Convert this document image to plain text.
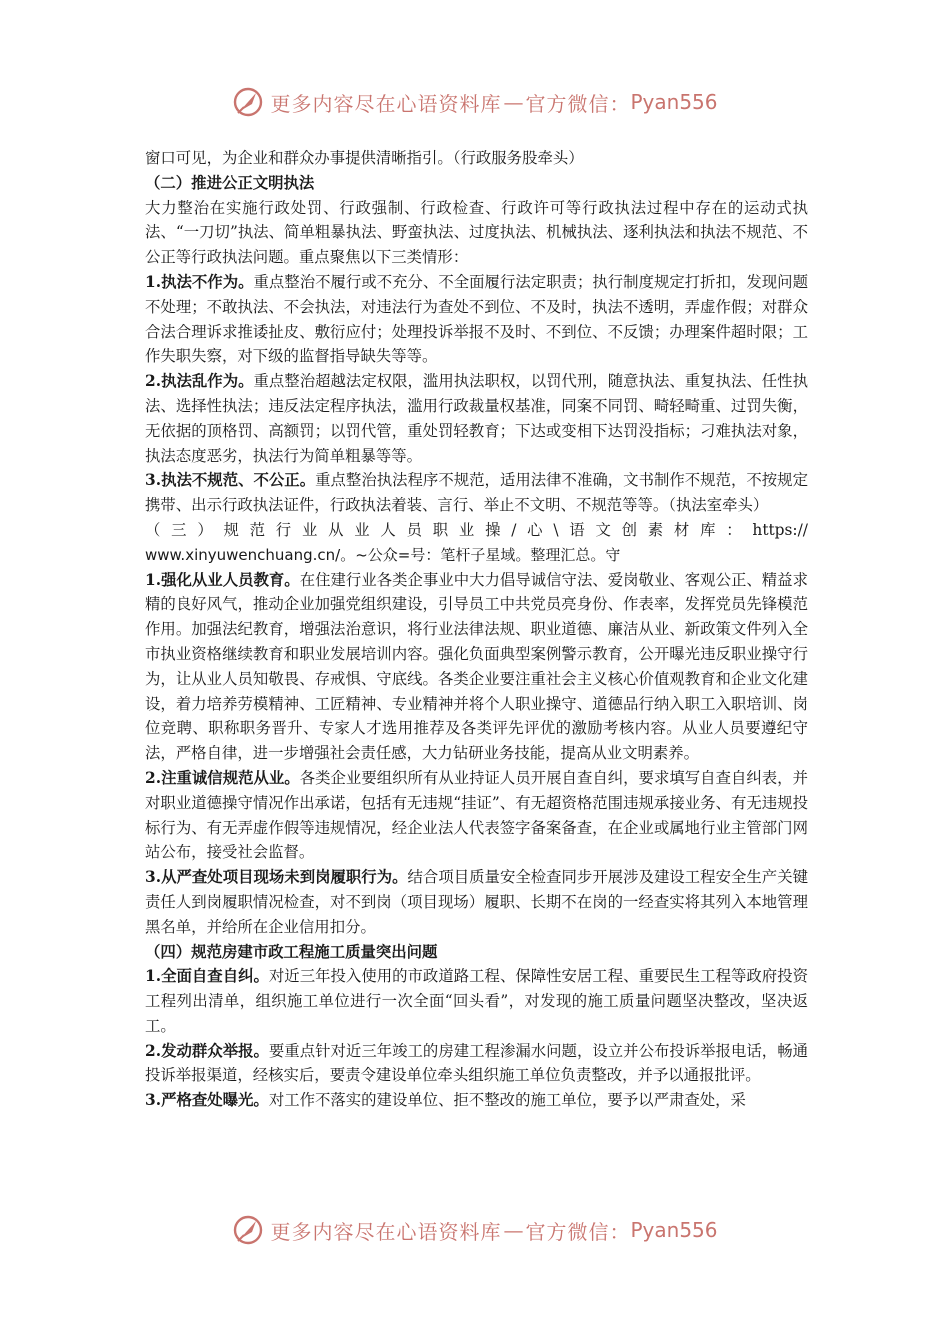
更多内容尽在心语资料库 — 官方微信： Pyan556

窗口可见，为企业和群众办事提供清晰指引。（行政服务股牵头）

（二）推进公正文明执法

大力整治在实施行政处罚、行政强制、行政检查、行政许可等行政执法过程中存在的运动式执法、“一刀切”执法、简单粗暴执法、野蛮执法、过度执法、机械执法、逐利执法和执法不规范、不公正等行政执法问题。重点聚焦以下三类情形：

1.执法不作为。重点整治不履行或不充分、不全面履行法定职责；执行制度规定打折扣，发现问题不处理；不敢执法、不会执法，对违法行为查处不到位、不及时，执法不透明，弄虚作假；对群众合法合理诉求推诿扯皮、敷衍应付；处理投诉举报不及时、不到位、不反馈；办理案件超时限；工作失职失察，对下级的监督指导缺失等等。

2.执法乱作为。重点整治超越法定权限，滥用执法职权，以罚代刑，随意执法、重复执法、任性执法、选择性执法；违反法定程序执法，滥用行政裁量权基准，同案不同罚、畸轻畸重、过罚失衡，无依据的顶格罚、高额罚；以罚代管，重处罚轻教育；下达或变相下达罚没指标；刁难执法对象，执法态度恶劣，执法行为简单粗暴等等。

3.执法不规范、不公正。重点整治执法程序不规范，适用法律不准确，文书制作不规范，不按规定携带、出示行政执法证件，行政执法着装、言行、举止不文明、不规范等等。（执法室牵头）

（三）规范行业从业人员职业操/心\语文创素材库：https://

www.xinyuwenchuang.cn/。~公众=号：笔杆子星域。整理汇总。守

1.强化从业人员教育。在住建行业各类企事业中大力倡导诚信守法、爱岗敬业、客观公正、精益求精的良好风气，推动企业加强党组织建设，引导员工中共党员亮身份、作表率，发挥党员先锋模范作用。加强法纪教育，增强法治意识，将行业法律法规、职业道德、廉洁从业、新政策文件列入全市执业资格继续教育和职业发展培训内容。强化负面典型案例警示教育，公开曝光违反职业操守行为，让从业人员知敬畏、存戒惧、守底线。各类企业要注重社会主义核心价值观教育和企业文化建设，着力培养劳模精神、工匠精神、专业精神并将个人职业操守、道德品行纳入职工入职培训、岗位竞聘、职称职务晋升、专家人才选用推荐及各类评先评优的激励考核内容。从业人员要遵纪守法，严格自律，进一步增强社会责任感，大力钻研业务技能，提高从业文明素养。

2.注重诚信规范从业。各类企业要组织所有从业持证人员开展自查自纠，要求填写自查自纠表，并对职业道德操守情况作出承诺，包括有无违规“挂证”、有无超资格范围违规承接业务、有无违规投标行为、有无弄虚作假等违规情况，经企业法人代表签字备案备查，在企业或属地行业主管部门网站公布，接受社会监督。

3.从严查处项目现场未到岗履职行为。结合项目质量安全检查同步开展涉及建设工程安全生产关键责任人到岗履职情况检查，对不到岗（项目现场）履职、长期不在岗的一经查实将其列入本地管理黑名单，并给所在企业信用扣分。

（四）规范房建市政工程施工质量突出问题

1.全面自查自纠。对近三年投入使用的市政道路工程、保障性安居工程、重要民生工程等政府投资工程列出清单，组织施工单位进行一次全面“回头看”，对发现的施工质量问题坚决整改，坚决返工。

2.发动群众举报。要重点针对近三年竣工的房建工程渗漏水问题，设立并公布投诉举报电话，畅通投诉举报渠道，经核实后，要责令建设单位牵头组织施工单位负责整改，并予以通报批评。

3.严格查处曝光。对工作不落实的建设单位、拒不整改的施工单位，要予以严肃查处，采

更多内容尽在心语资料库 — 官方微信： Pyan556
